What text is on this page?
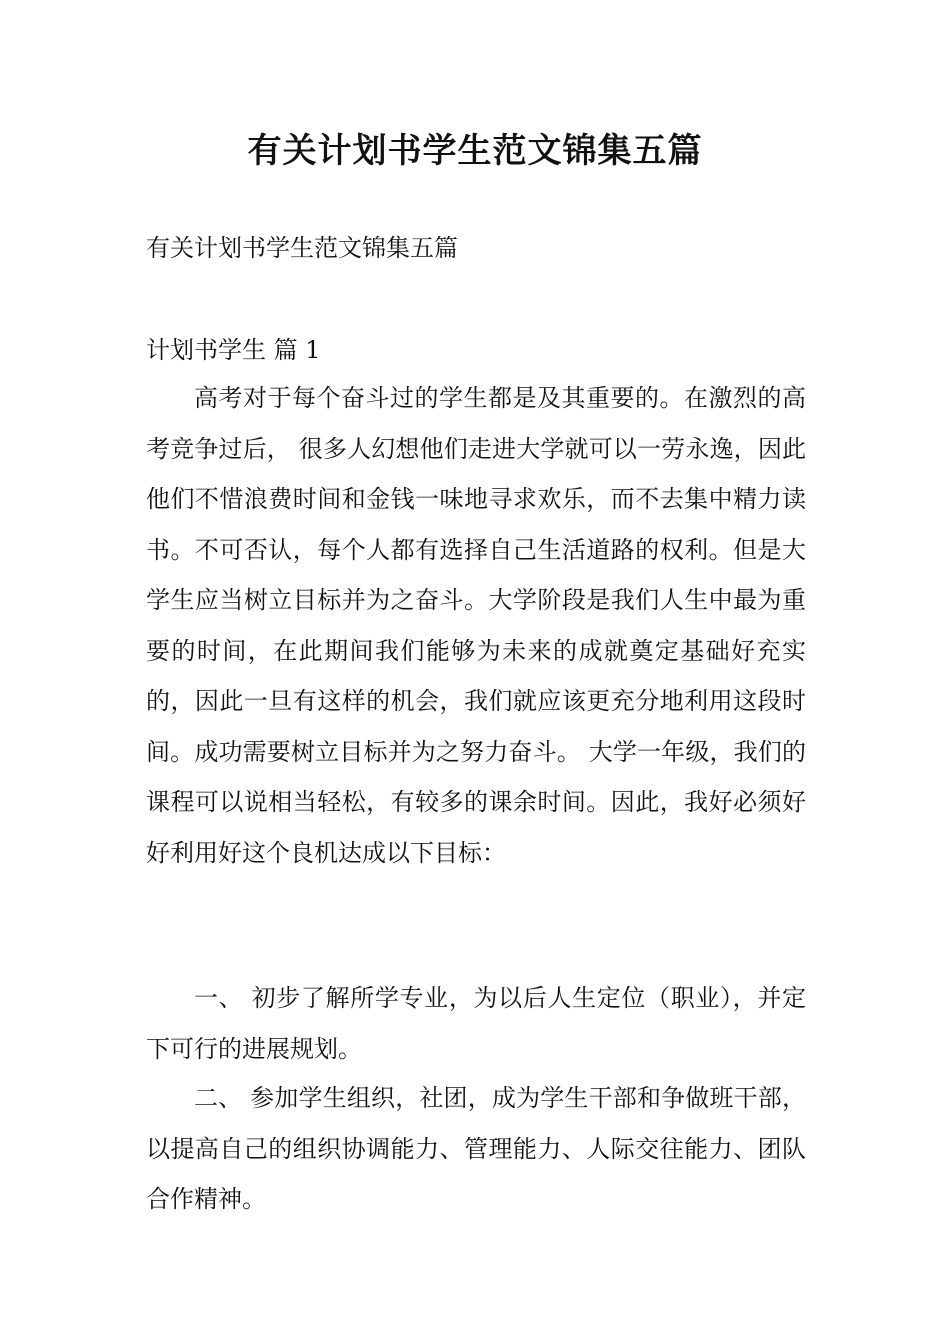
有关计划书学生范文锦集五篇

有关计划书学生范文锦集五篇

计划书学生 篇 1

高考对于每个奋斗过的学生都是及其重要的。在激烈的高考竞争过后， 很多人幻想他们走进大学就可以一劳永逸，因此他们不惜浪费时间和金钱一味地寻求欢乐，而不去集中精力读书。不可否认，每个人都有选择自己生活道路的权利。但是大学生应当树立目标并为之奋斗。大学阶段是我们人生中最为重要的时间，在此期间我们能够为未来的成就奠定基础好充实的，因此一旦有这样的机会，我们就应该更充分地利用这段时间。成功需要树立目标并为之努力奋斗。 大学一年级，我们的课程可以说相当轻松，有较多的课余时间。因此，我好必须好好利用好这个良机达成以下目标：

一、 初步了解所学专业，为以后人生定位（职业），并定下可行的进展规划。

二、 参加学生组织，社团，成为学生干部和争做班干部，以提高自己的组织协调能力、管理能力、人际交往能力、团队合作精神。
